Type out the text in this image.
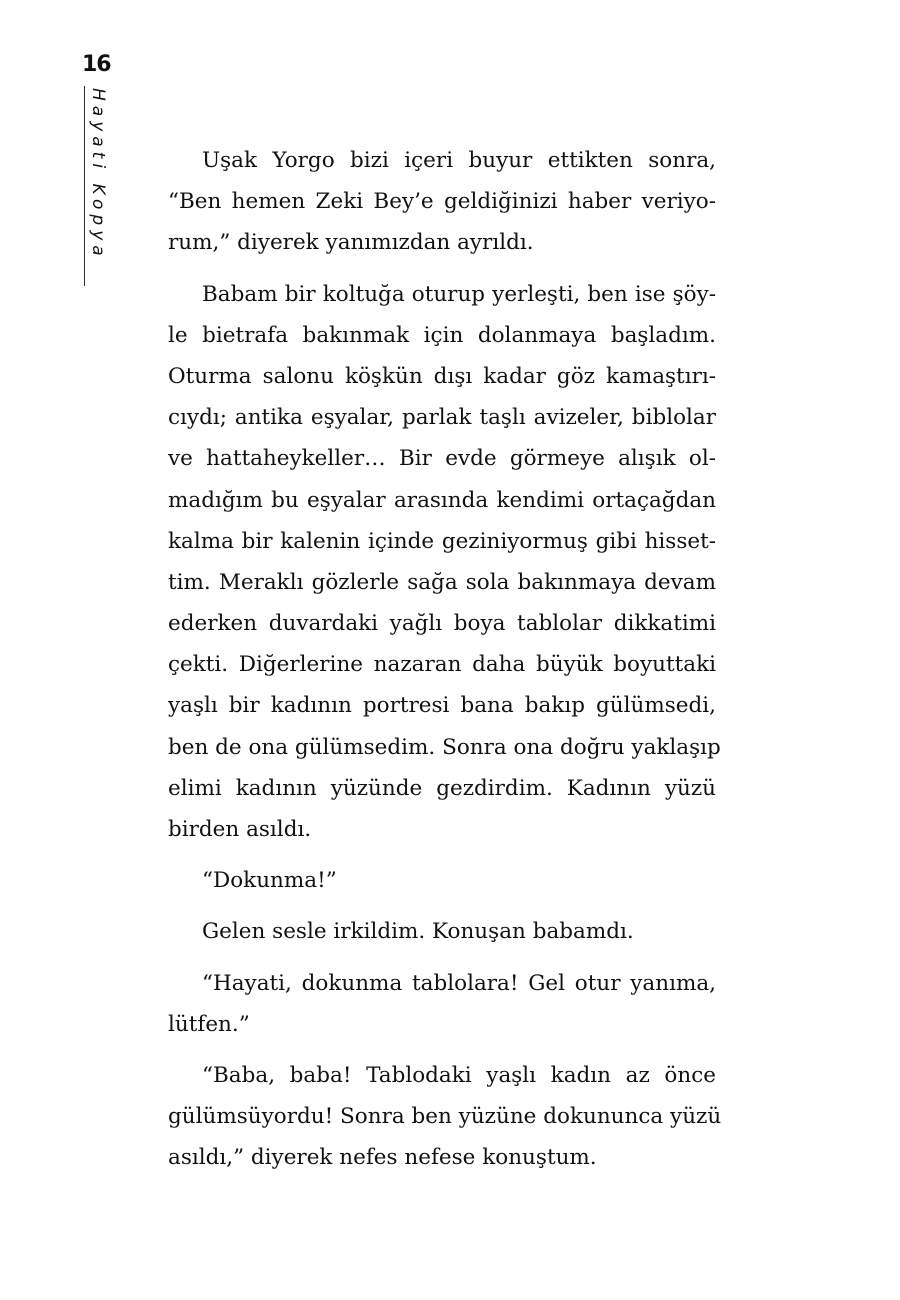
16
Hayati Kopya	Uşak Yorgo bizi içeri buyur ettikten sonra,
“Ben hemen Zeki Bey’e geldiğinizi haber veriyo-
rum,” diyerek yanımızdan ayrıldı.
Babam bir koltuğa oturup yerleşti, ben ise şöy-
le bietrafa bakınmak için dolanmaya başladım.
Oturma salonu köşkün dışı kadar göz kamaştırı-
cıydı; antika eşyalar, parlak taşlı avizeler, biblolar
ve hattaheykeller… Bir evde görmeye alışık ol-
madığım bu eşyalar arasında kendimi ortaçağdan
kalma bir kalenin içinde geziniyormuş gibi hisset-
tim. Meraklı gözlerle sağa sola bakınmaya devam
ederken duvardaki yağlı boya tablolar dikkatimi
çekti. Diğerlerine nazaran daha büyük boyuttaki
yaşlı bir kadının portresi bana bakıp gülümsedi,
ben de ona gülümsedim. Sonra ona doğru yaklaşıp
elimi kadının yüzünde gezdirdim. Kadının yüzü
birden asıldı.
“Dokunma!”
Gelen sesle irkildim. Konuşan babamdı.
“Hayati, dokunma tablolara! Gel otur yanıma,
lütfen.”
“Baba, baba! Tablodaki yaşlı kadın az önce
gülümsüyordu! Sonra ben yüzüne dokununca yüzü
asıldı,” diyerek nefes nefese konuştum.
